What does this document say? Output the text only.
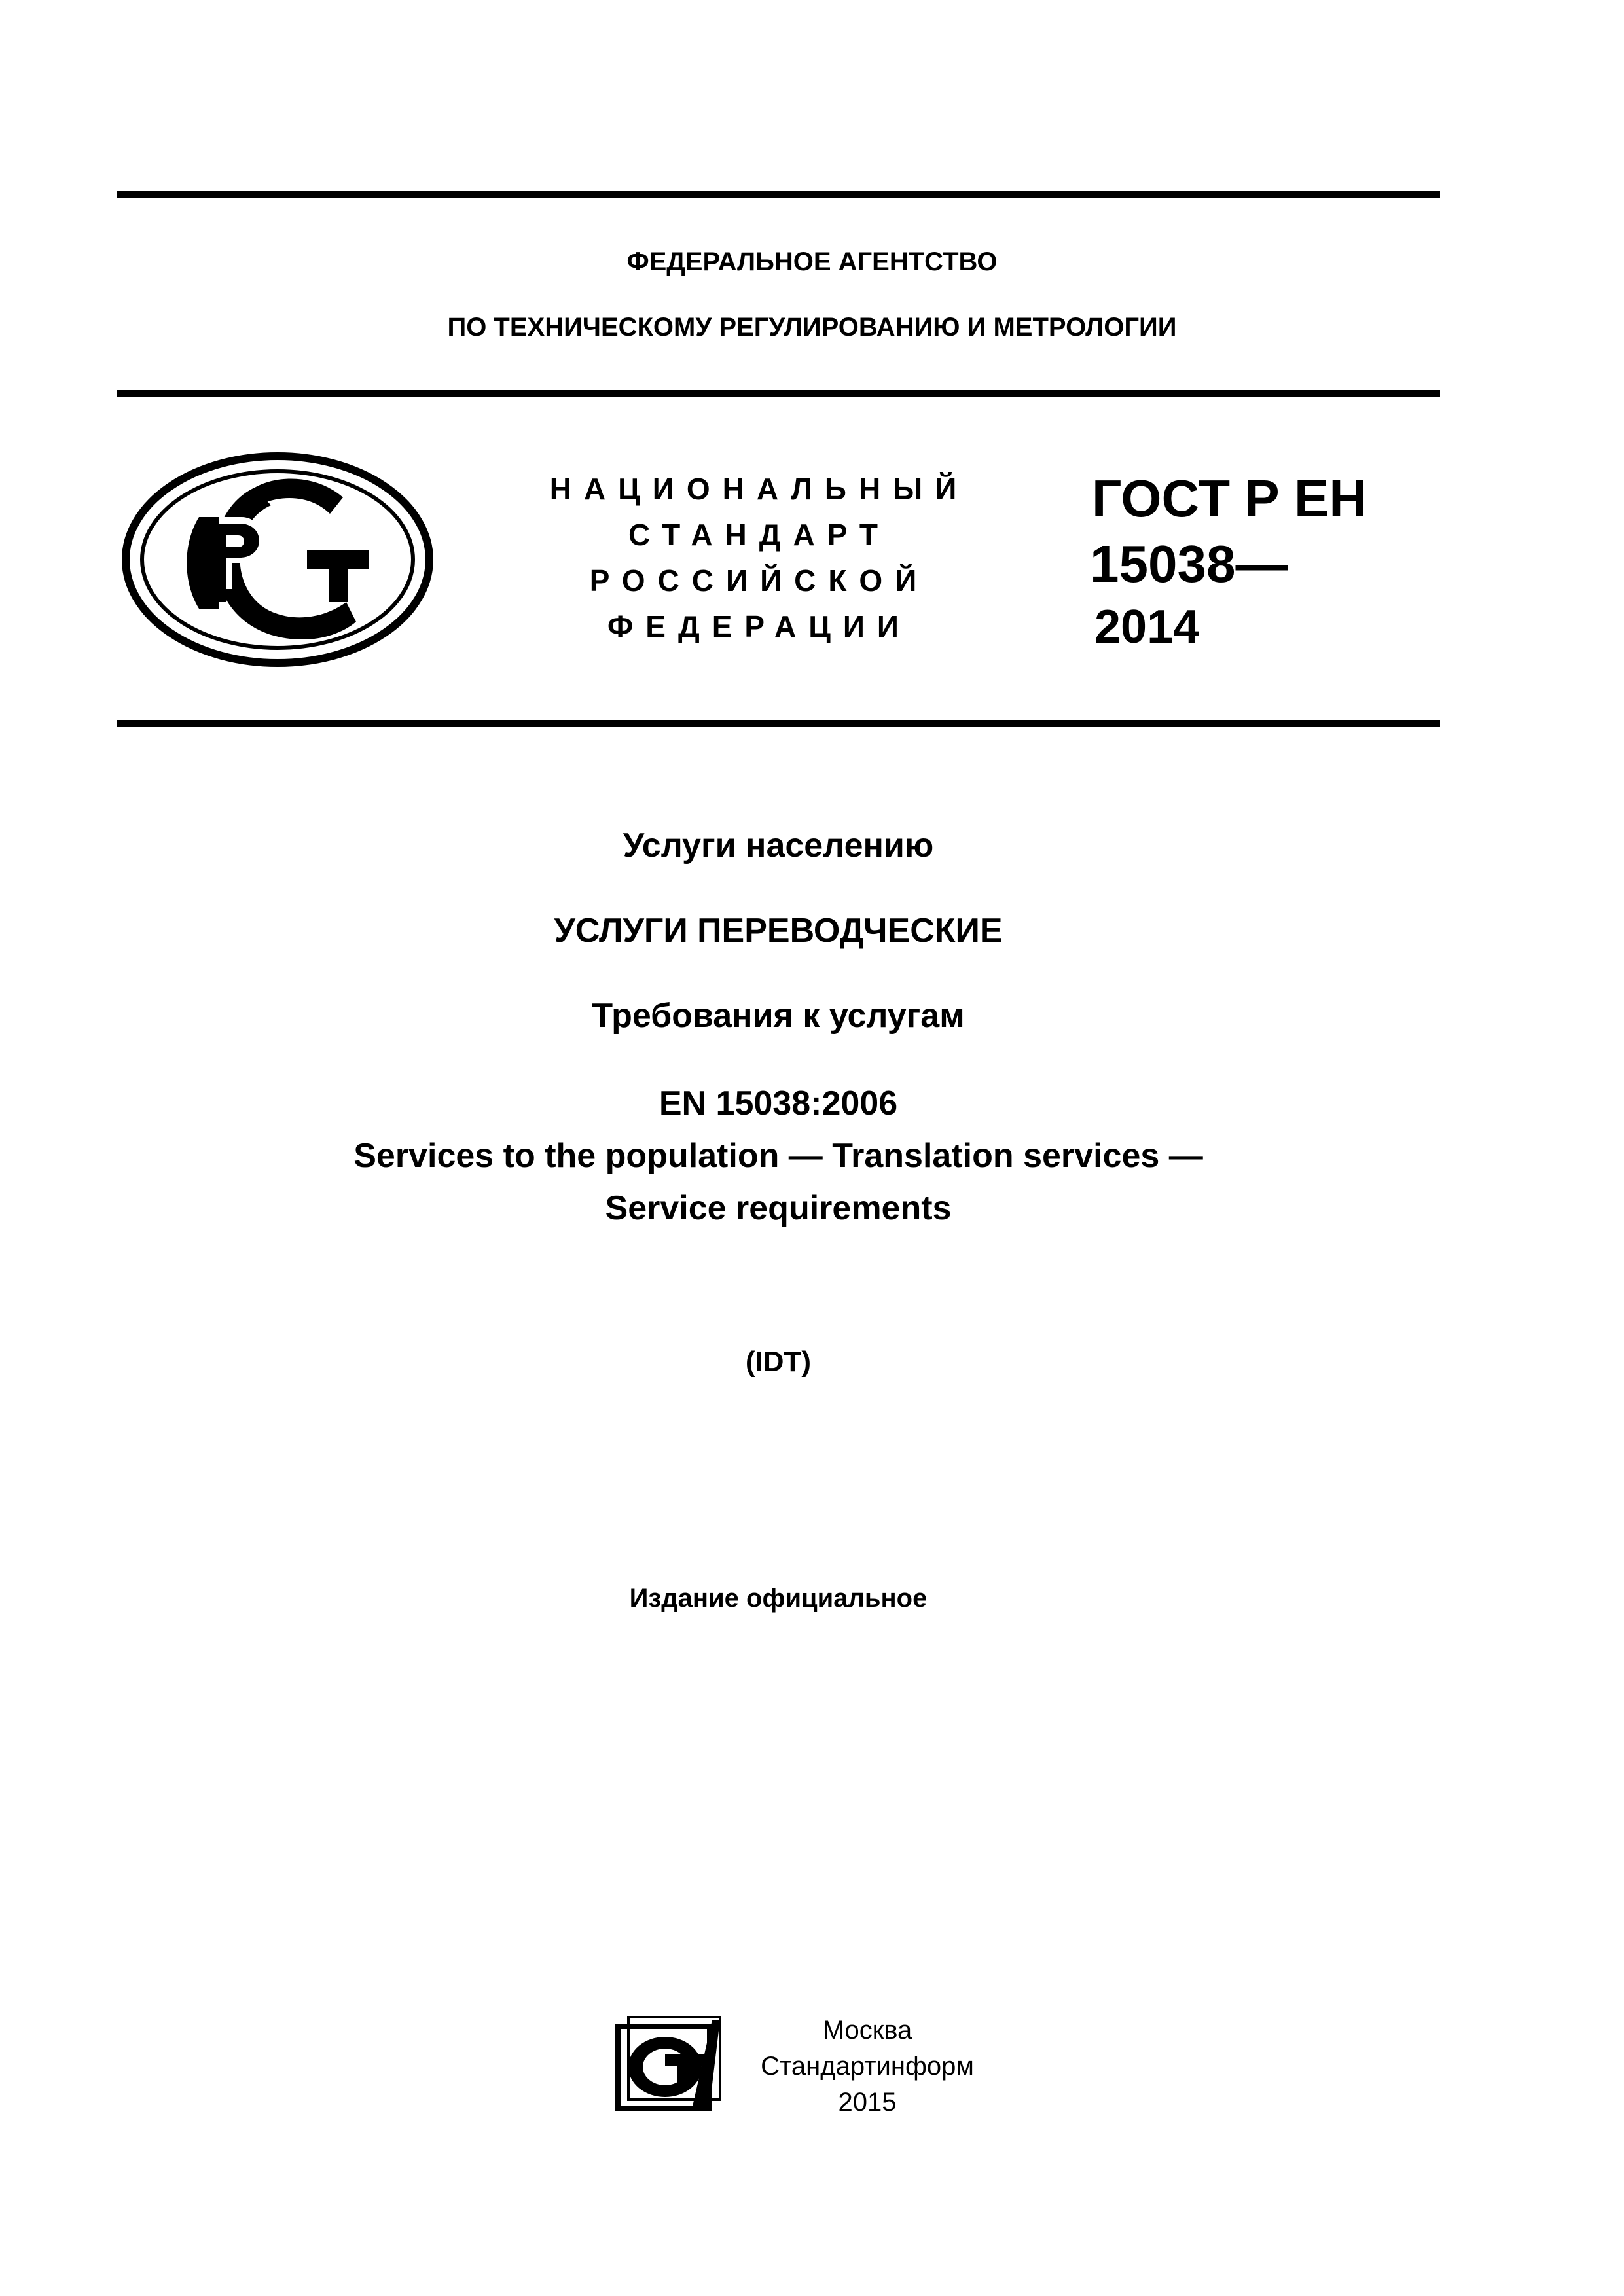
ФЕДЕРАЛЬНОЕ АГЕНТСТВО
ПО ТЕХНИЧЕСКОМУ РЕГУЛИРОВАНИЮ И МЕТРОЛОГИИ
НАЦИОНАЛЬНЫЙ
СТАНДАРТ
РОССИЙСКОЙ
ФЕДЕРАЦИИ
ГОСТ Р ЕН
15038—
2014
Услуги населению
УСЛУГИ ПЕРЕВОДЧЕСКИЕ
Требования к услугам
EN 15038:2006
Services to the population — Translation services —
Service requirements
(IDT)
Издание официальное
Москва
Стандартинформ
2015
